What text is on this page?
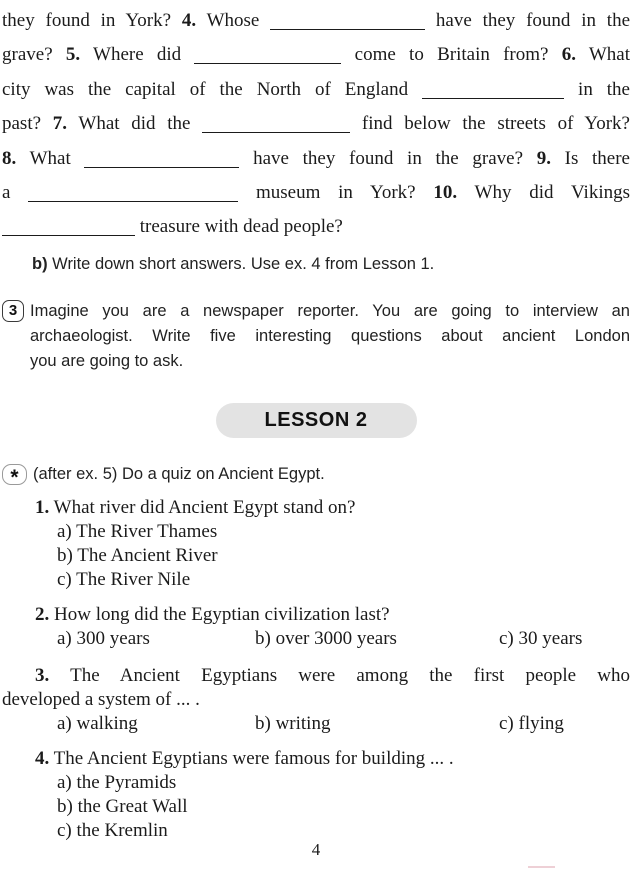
they found in York? 4. Whose	have they found in the
grave? 5. Where did	come to Britain from? 6. What
city was the capital of the North of England	in the
past? 7. What did the	find below the streets of York?
8. What	have they found in the grave? 9. Is there
a	museum in York? 10. Why did Vikings
treasure with dead people?
b) Write down short answers. Use ex. 4 from Lesson 1.
3 Imagine you are a newspaper reporter. You are going to interview an
archaeologist. Write five interesting questions about ancient London
you are going to ask.
LESSON 2
* (after ex. 5) Do a quiz on Ancient Egypt.
1. What river did Ancient Egypt stand on?
a) The River Thames
b) The Ancient River
c) The River Nile
2. How long did the Egyptian civilization last?
a) 300 years	b) over 3000 years	c) 30 years
3. The Ancient Egyptians were among the first people who
developed a system of ... .
a) walking	b) writing	c) flying
4. The Ancient Egyptians were famous for building ... .
a) the Pyramids
b) the Great Wall
c) the Kremlin
4
